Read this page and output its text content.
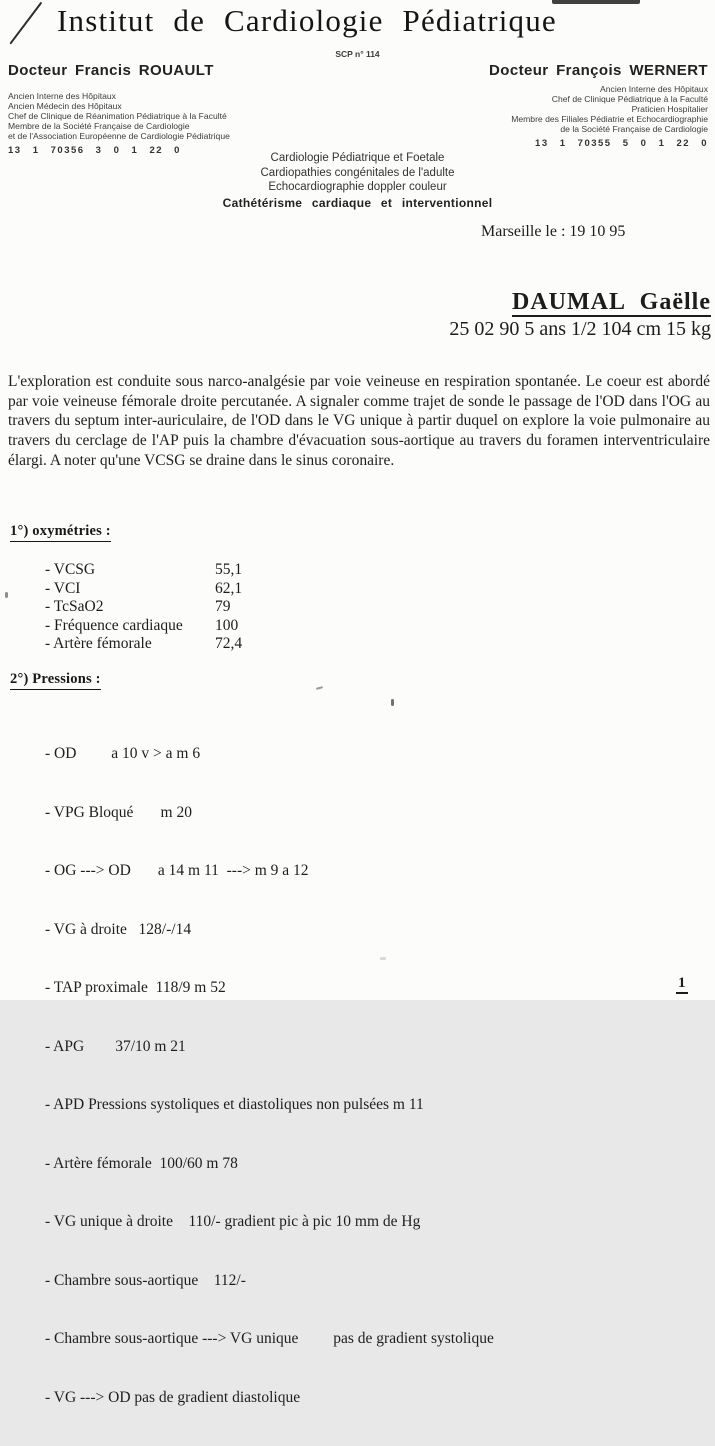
Institut de Cardiologie Pédiatrique
SCP n° 114
Docteur Francis ROUAULT
Ancien Interne des Hôpitaux
Ancien Médecin des Hôpitaux
Chef de Clinique de Réanimation Pédiatrique à la Faculté
Membre de la Société Française de Cardiologie
et de l'Association Européenne de Cardiologie Pédiatrique
13 1 70356 3 0 1 22 0
Docteur François WERNERT
Ancien Interne des Hôpitaux
Chef de Clinique Pédiatrique à la Faculté
Praticien Hospitalier
Membre des Filiales Pédiatrie et Echocardiographie
de la Société Française de Cardiologie
13 1 70355 5 0 1 22 0
Cardiologie Pédiatrique et Foetale
Cardiopathies congénitales de l'adulte
Echocardiographie doppler couleur
Cathétérisme cardiaque et interventionnel
Marseille le : 19 10 95
DAUMAL Gaëlle
25 02 90 5 ans 1/2 104 cm 15 kg
L'exploration est conduite sous narco-analgésie par voie veineuse en respiration spontanée. Le coeur est abordé par voie veineuse fémorale droite percutanée. A signaler comme trajet de sonde le passage de l'OD dans l'OG au travers du septum inter-auriculaire, de l'OD dans le VG unique à partir duquel on explore la voie pulmonaire au travers du cerclage de l'AP puis la chambre d'évacuation sous-aortique au travers du foramen interventriculaire élargi. A noter qu'une VCSG se draine dans le sinus coronaire.
1°) oxymétries :
- VCSG	55,1
- VCI	62,1
- TcSaO2	79
- Fréquence cardiaque	100
- Artère fémorale	72,4
2°) Pressions :

- OD         a 10 v > a m 6

- VPG Bloqué       m 20

- OG ---> OD       a 14 m 11  ---> m 9 a 12

- VG à droite   128/-/14

- TAP proximale  118/9 m 52

- APG        37/10 m 21

- APD Pressions systoliques et diastoliques non pulsées m 11

- Artère fémorale  100/60 m 78

- VG unique à droite    110/- gradient pic à pic 10 mm de Hg

- Chambre sous-aortique    112/-

- Chambre sous-aortique ---> VG unique         pas de gradient systolique

- VG ---> OD pas de gradient diastolique

1
